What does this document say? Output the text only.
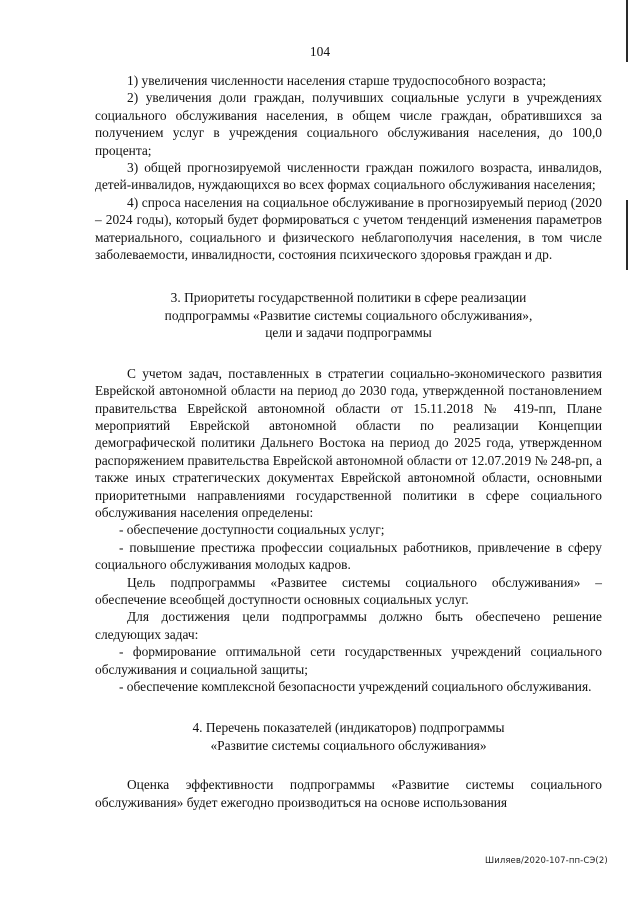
104

1) увеличения численности населения старше трудоспособного возраста;

2) увеличения доли граждан, получивших социальные услуги в учреждениях социального обслуживания населения, в общем числе граждан, обратившихся за получением услуг в учреждения социального обслуживания населения, до 100,0 процента;

3) общей прогнозируемой численности граждан пожилого возраста, инвалидов, детей-инвалидов, нуждающихся во всех формах социального обслуживания населения;

4) спроса населения на социальное обслуживание в прогнозируемый период (2020 – 2024 годы), который будет формироваться с учетом тенденций изменения параметров материального, социального и физического неблагополучия населения, в том числе заболеваемости, инвалидности, состояния психического здоровья граждан и др.

3. Приоритеты государственной политики в сфере реализации
подпрограммы «Развитие системы социального обслуживания»,
цели и задачи подпрограммы

С учетом задач, поставленных в стратегии социально-экономического развития Еврейской автономной области на период до 2030 года, утвержденной постановлением правительства Еврейской автономной области от 15.11.2018 № 419-пп, Плане мероприятий Еврейской автономной области по реализации Концепции демографической политики Дальнего Востока на период до 2025 года, утвержденном распоряжением правительства Еврейской автономной области от 12.07.2019 № 248-рп, а также иных стратегических документах Еврейской автономной области, основными приоритетными направлениями государственной политики в сфере социального обслуживания населения определены:

- обеспечение доступности социальных услуг;

- повышение престижа профессии социальных работников, привлечение в сферу социального обслуживания молодых кадров.

Цель подпрограммы «Развитее системы социального обслуживания» – обеспечение всеобщей доступности основных социальных услуг.

Для достижения цели подпрограммы должно быть обеспечено решение следующих задач:

- формирование оптимальной сети государственных учреждений социального обслуживания и социальной защиты;

- обеспечение комплексной безопасности учреждений социального обслуживания.

4. Перечень показателей (индикаторов) подпрограммы
«Развитие системы социального обслуживания»

Оценка эффективности подпрограммы «Развитие системы социального обслуживания» будет ежегодно производиться на основе использования

Шиляев/2020-107-пп-СЭ(2)
